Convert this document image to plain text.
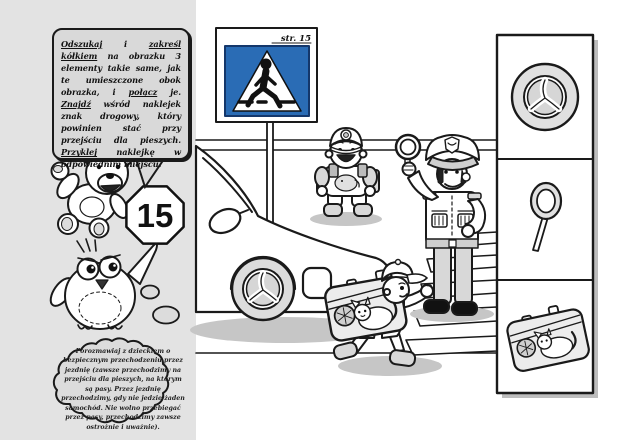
15
str. 15

Odszukaj i zakreśl kółkiem na obrazku 3 elementy takie same, jak te umieszczone obok obrazka, i połącz je. Znajdź wśród naklejek znak drogowy, który powinien stać przy przejściu dla pieszych. Przyklej naklejkę w odpowiednim miejscu.

Porozmawiaj z dzieckiem o bezpiecznym przechodzeniu przez jezdnię (zawsze przechodzimy na przejściu dla pieszych, na którym są pasy. Przez jezdnię przechodzimy, gdy nie jedzie żaden samochód. Nie wolno przebiegać przez pasy, przechodzimy zawsze ostrożnie i uważnie).
